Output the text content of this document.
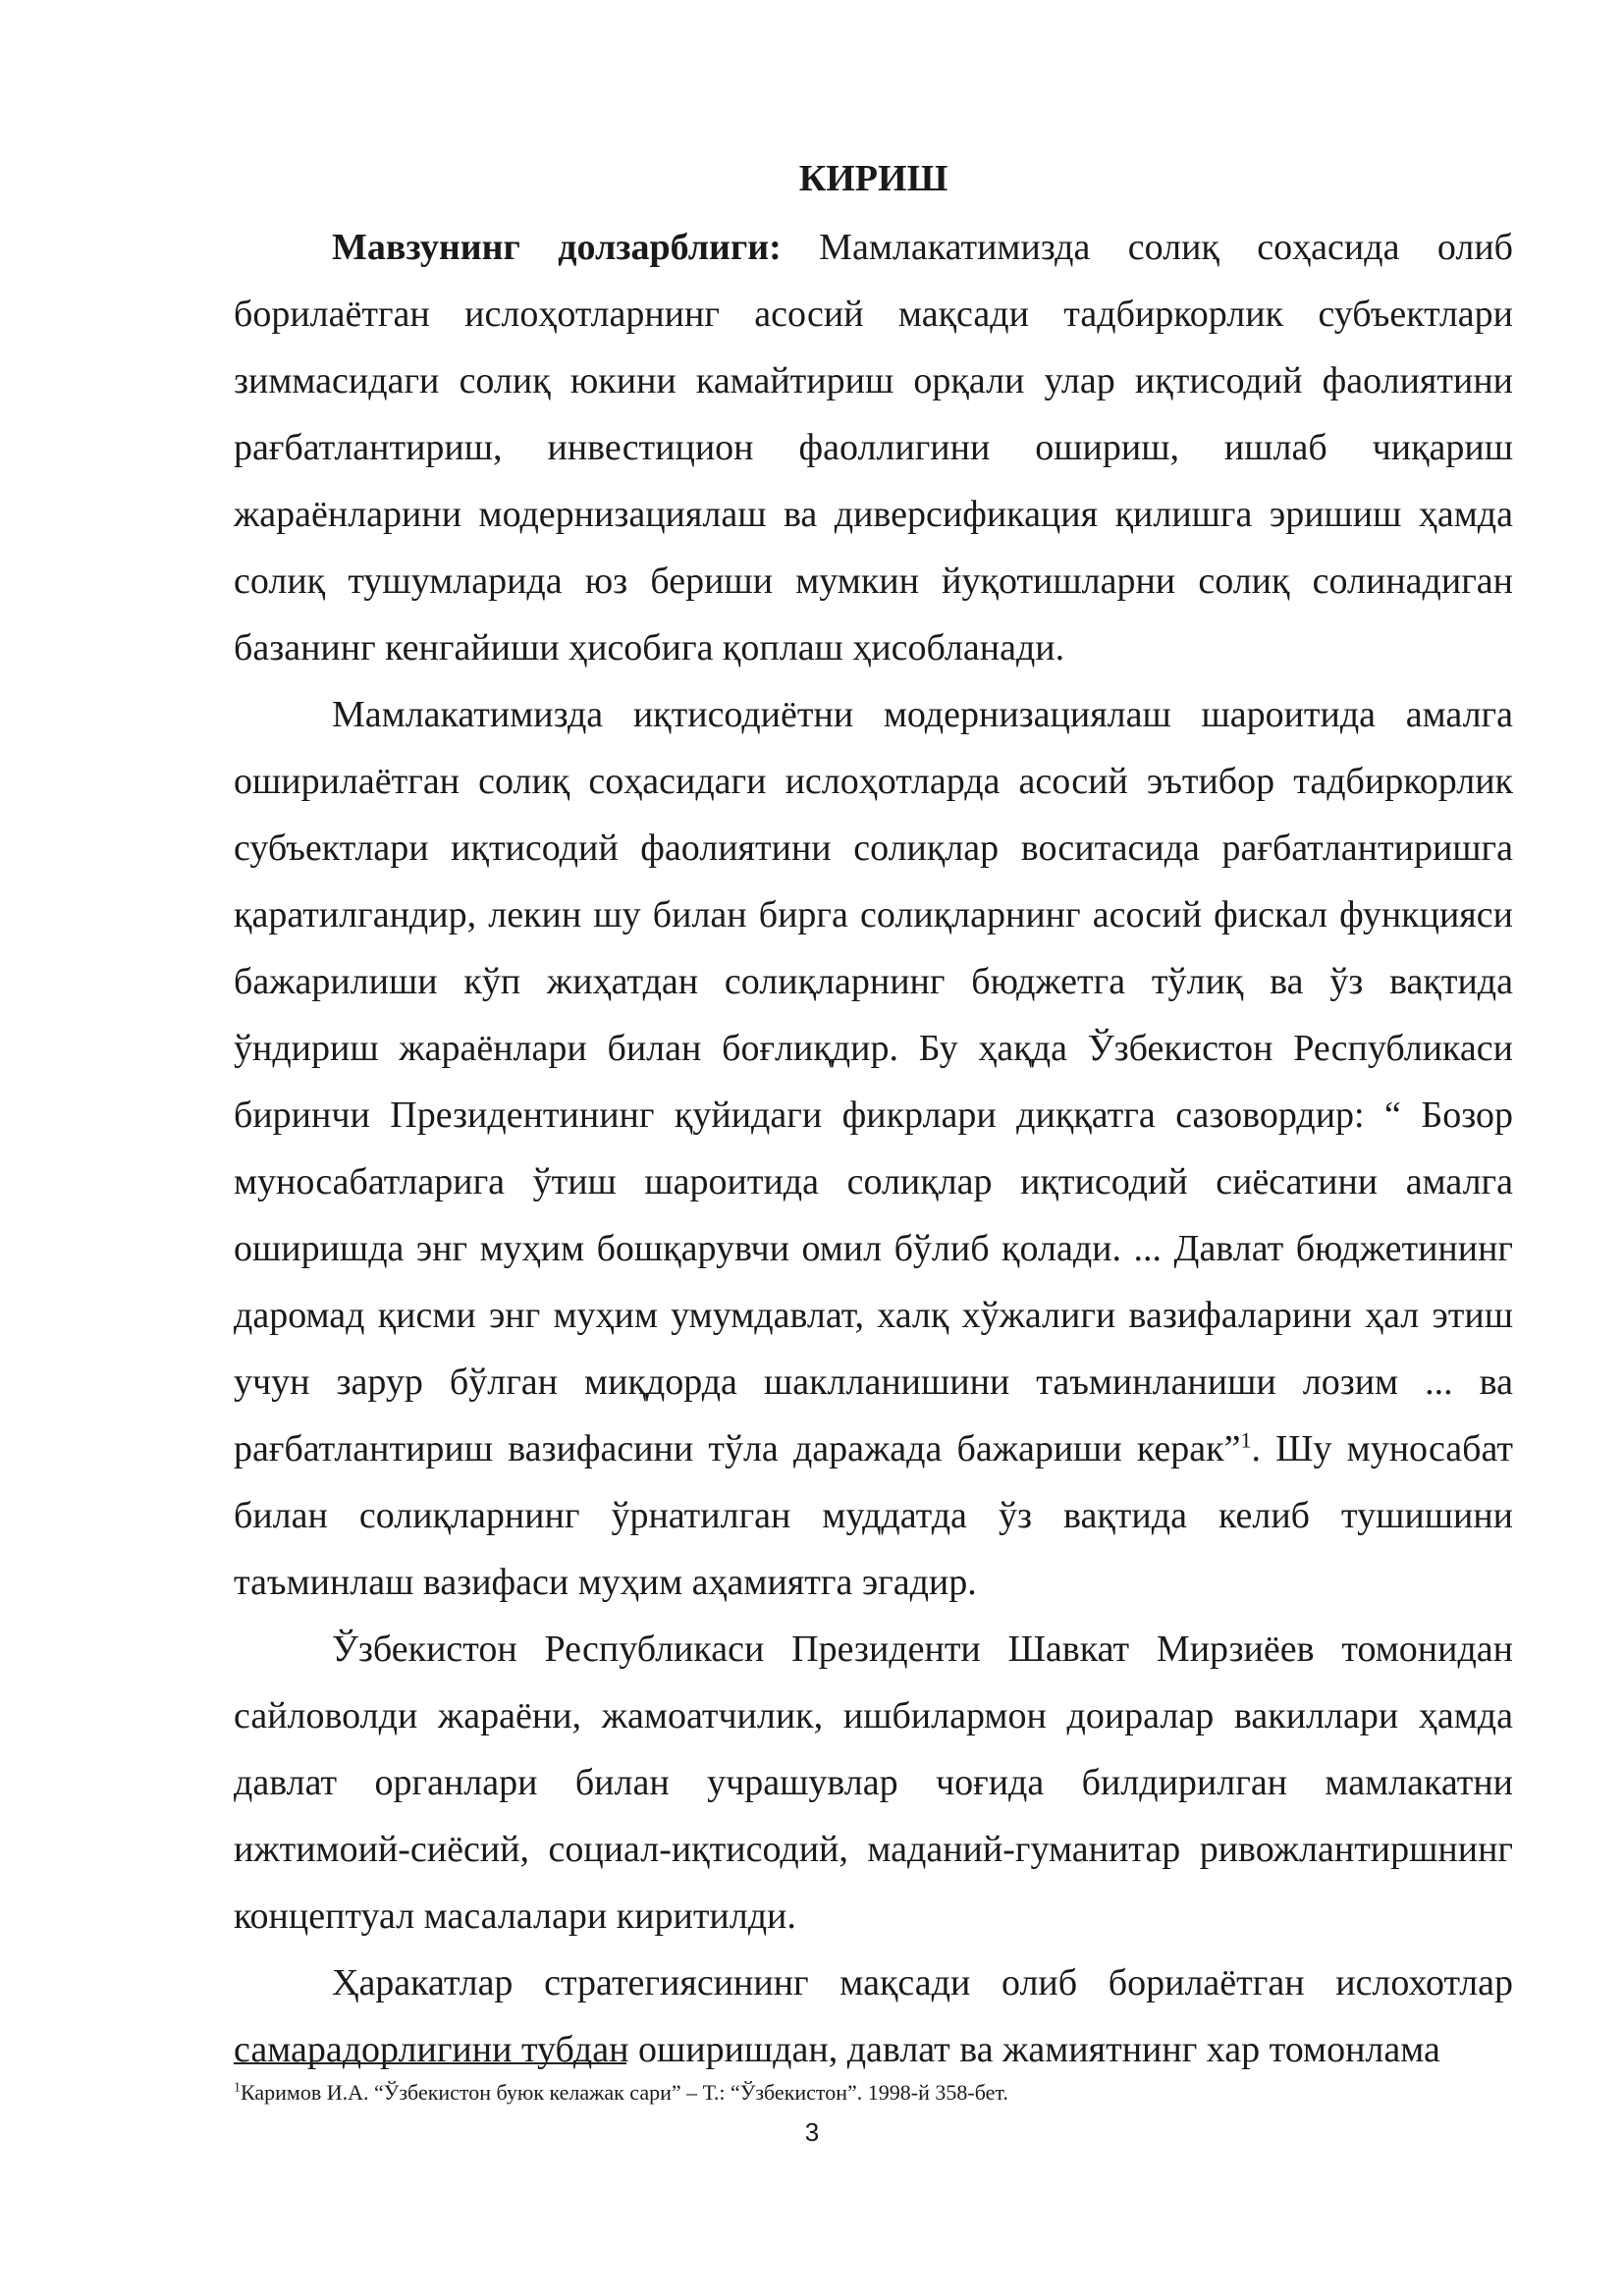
КИРИШ

Мавзунинг долзарблиги: Мамлакатимизда солиқ соҳасида олиб борилаётган ислоҳотларнинг асосий мақсади тадбиркорлик субъектлари зиммасидаги солиқ юкини камайтириш орқали улар иқтисодий фаолиятини рағбатлантириш, инвестицион фаоллигини ошириш, ишлаб чиқариш жараёнларини модернизациялаш ва диверсификация қилишга эришиш ҳамда солиқ тушумларида юз бериши мумкин йуқотишларни солиқ солинадиган базанинг кенгайиши ҳисобига қоплаш ҳисобланади.

Мамлакатимизда иқтисодиётни модернизациялаш шароитида амалга оширилаётган солиқ соҳасидаги ислоҳотларда асосий эътибор тадбиркорлик субъектлари иқтисодий фаолиятини солиқлар воситасида рағбатлантиришга қаратилгандир, лекин шу билан бирга солиқларнинг асосий фискал функцияси бажарилиши кўп жиҳатдан солиқларнинг бюджетга тўлиқ ва ўз вақтида ўндириш жараёнлари билан боғлиқдир. Бу ҳақда Ўзбекистон Республикаси биринчи Президентининг қуйидаги фикрлари диққатга сазовордир: “ Бозор муносабатларига ўтиш шароитида солиқлар иқтисодий сиёсатини амалга оширишда энг муҳим бошқарувчи омил бўлиб қолади. ... Давлат бюджетининг даромад қисми энг муҳим умумдавлат, халқ хўжалиги вазифаларини ҳал этиш учун зарур бўлган миқдорда шаклланишини таъминланиши лозим ... ва рағбатлантириш вазифасини тўла даражада бажариши керак”$^1$. Шу муносабат билан солиқларнинг ўрнатилган муддатда ўз вақтида келиб тушишини таъминлаш вазифаси муҳим аҳамиятга эгадир.

Ўзбекистон Республикаси Президенти Шавкат Мирзиёев томонидан сайловолди жараёни, жамоатчилик, ишбилармон доиралар вакиллари ҳамда давлат органлари билан учрашувлар чоғида билдирилган мамлакатни ижтимоий-сиёсий, социал-иқтисодий, маданий-гуманитар ривожлантиршнинг концептуал масалалари киритилди.

Ҳаракатлар стратегиясининг мақсади олиб борилаётган ислохотлар самарадорлигини тубдан оширишдан, давлат ва жамиятнинг хар томонлама

$^1$Каримов И.А. “Ўзбекистон буюк келажак сари” – Т.: “Ўзбекистон”. 1998-й 358-бет.
3
